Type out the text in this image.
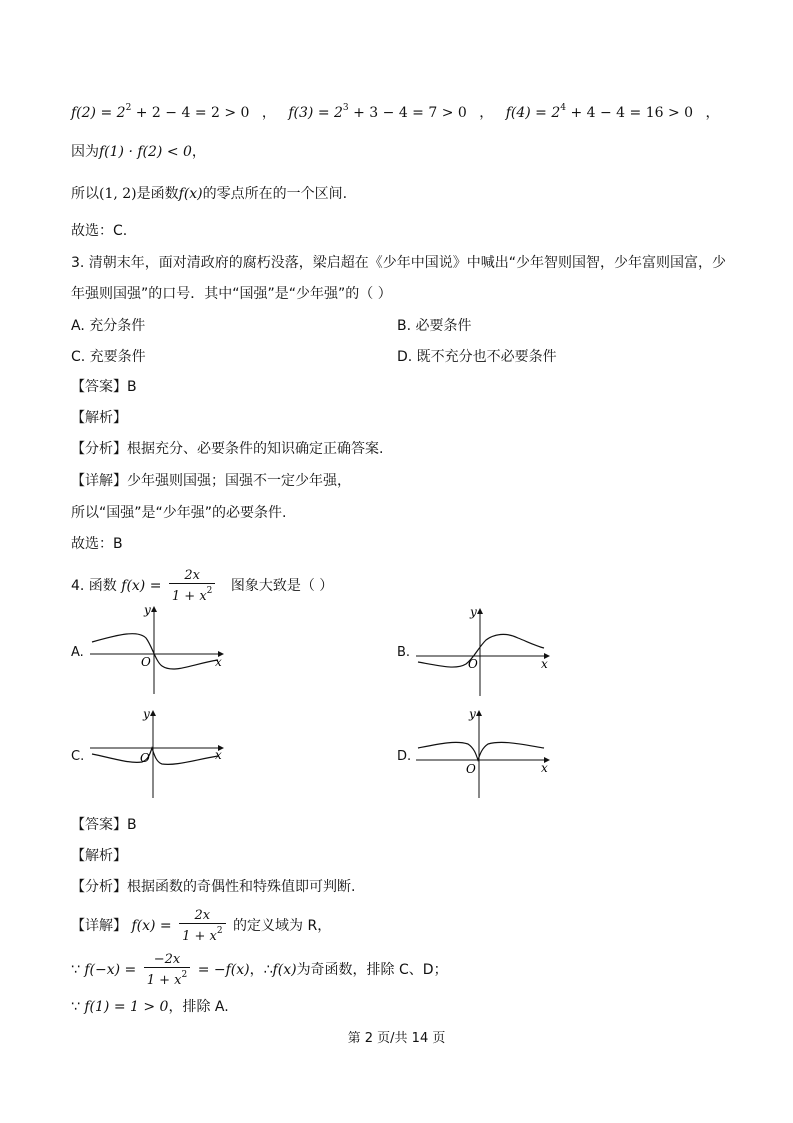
$f(2) = 2^2 + 2 - 4 = 2 > 0$ ， $f(3) = 2^3 + 3 - 4 = 7 > 0$ ， $f(4) = 2^4 + 4 - 4 = 16 > 0$ ，
因为f(1) · f(2) < 0，
所以(1, 2)是函数f(x)的零点所在的一个区间.
故选：C.
3. 清朝末年，面对清政府的腐朽没落，梁启超在《少年中国说》中喊出“少年智则国智，少年富则国富，少
年强则国强”的口号．其中“国强”是“少年强”的（ ）
A. 充分条件	B. 必要条件
C. 充要条件	D. 既不充分也不必要条件
【答案】B
【解析】
【分析】根据充分、必要条件的知识确定正确答案.
【详解】少年强则国强；国强不一定少年强，
所以“国强”是“少年强”的必要条件.
故选：B
4. 函数 $f(x) = \frac{2x}{1 + x^2}$ 图象大致是（ ）
A.	B.
C.	D.
x
y
O	x
y
O
x
y
O
x
y
O
【答案】B
【解析】
【分析】根据函数的奇偶性和特殊值即可判断.
【详解】 $f(x) = \frac{2x}{1 + x^2}$ 的定义域为 R，
∵ $f(-x) = \frac{-2x}{1 + x^2} = -f(x)$，∴f(x)为奇函数，排除 C、D；
∵ f(1) = 1 > 0，排除 A.
第 2 页/共 14 页
